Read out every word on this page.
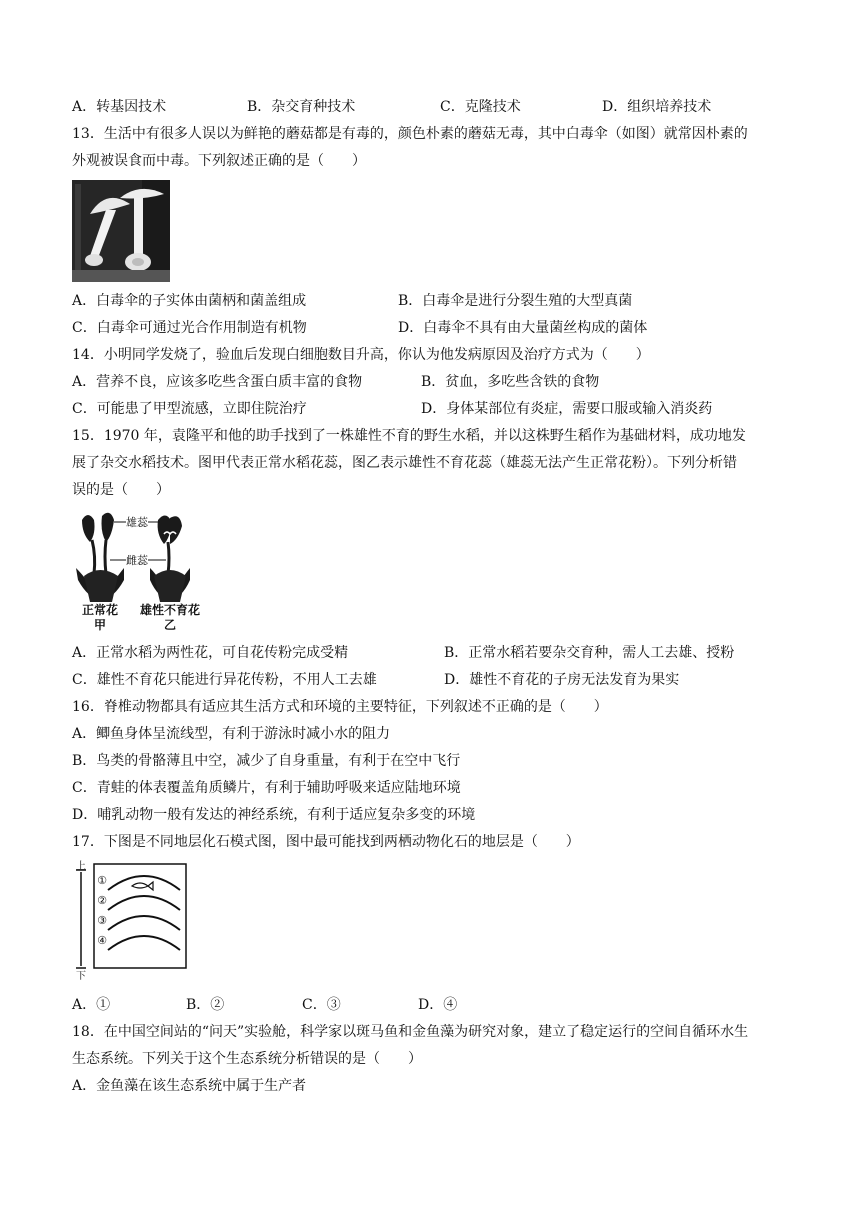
A．转基因技术	B．杂交育种技术	C．克隆技术	D．组织培养技术
13．生活中有很多人误以为鲜艳的蘑菇都是有毒的，颜色朴素的蘑菇无毒，其中白毒伞（如图）就常因朴素的
外观被误食而中毒。下列叙述正确的是（　　）
A．白毒伞的子实体由菌柄和菌盖组成	B．白毒伞是进行分裂生殖的大型真菌
C．白毒伞可通过光合作用制造有机物	D．白毒伞不具有由大量菌丝构成的菌体
14．小明同学发烧了，验血后发现白细胞数目升高，你认为他发病原因及治疗方式为（　　）
A．营养不良，应该多吃些含蛋白质丰富的食物	B．贫血，多吃些含铁的食物
C．可能患了甲型流感，立即住院治疗	D．身体某部位有炎症，需要口服或输入消炎药
15．1970 年，袁隆平和他的助手找到了一株雄性不育的野生水稻，并以这株野生稻作为基础材料，成功地发
展了杂交水稻技术。图甲代表正常水稻花蕊，图乙表示雄性不育花蕊（雄蕊无法产生正常花粉）。下列分析错
误的是（　　）
雄蕊
雌蕊
正常花
甲
雄性不育花
乙
A．正常水稻为两性花，可自花传粉完成受精	B．正常水稻若要杂交育种，需人工去雄、授粉
C．雄性不育花只能进行异花传粉，不用人工去雄	D．雄性不育花的子房无法发育为果实
16．脊椎动物都具有适应其生活方式和环境的主要特征，下列叙述不正确的是（　　）
A．鲫鱼身体呈流线型，有利于游泳时减小水的阻力
B．鸟类的骨骼薄且中空，减少了自身重量，有利于在空中飞行
C．青蛙的体表覆盖角质鳞片，有利于辅助呼吸来适应陆地环境
D．哺乳动物一般有发达的神经系统，有利于适应复杂多变的环境
17．下图是不同地层化石模式图，图中最可能找到两栖动物化石的地层是（　　）
上
下
①
②
③
④
A．①	B．②	C．③	D．④
18．在中国空间站的“问天”实验舱，科学家以斑马鱼和金鱼藻为研究对象，建立了稳定运行的空间自循环水生
生态系统。下列关于这个生态系统分析错误的是（　　）
A．金鱼藻在该生态系统中属于生产者
